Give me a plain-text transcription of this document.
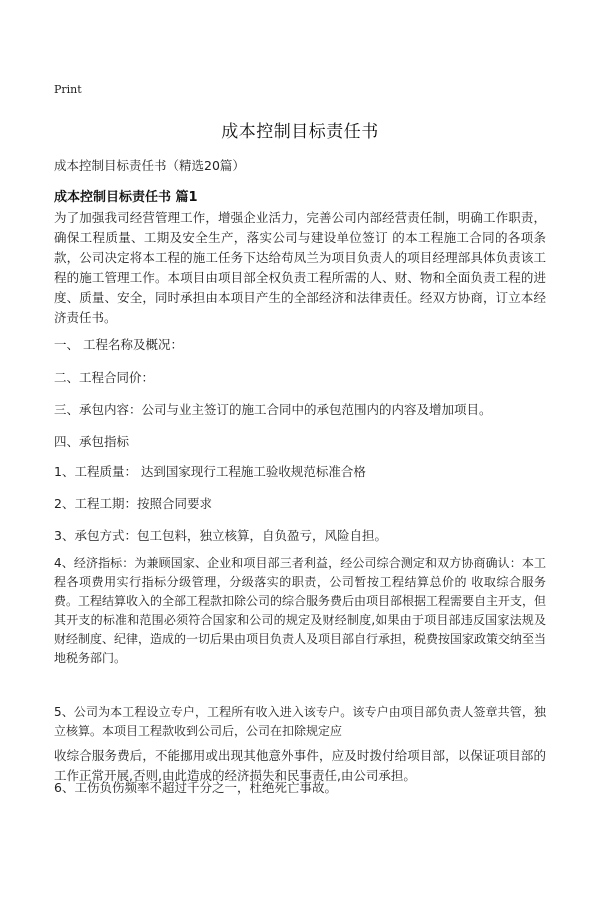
Print
成本控制目标责任书
成本控制目标责任书（精选20篇）
成本控制目标责任书 篇1
为了加强我司经营管理工作，增强企业活力，完善公司内部经营责任制，明确工作职责，确保工程质量、工期及安全生产，落实公司与建设单位签订 的本工程施工合同的各项条款，公司决定将本工程的施工任务下达给苟凤兰为项目负责人的项目经理部具体负责该工程的施工管理工作。本项目由项目部全权负责工程所需的人、财、物和全面负责工程的进度、质量、安全，同时承担由本项目产生的全部经济和法律责任。经双方协商，订立本经济责任书。
一、 工程名称及概况：
二、工程合同价：
三、承包内容：公司与业主签订的施工合同中的承包范围内的内容及增加项目。
四、承包指标
1、工程质量： 达到国家现行工程施工验收规范标准合格
2、工程工期：按照合同要求
3、承包方式：包工包料，独立核算，自负盈亏，风险自担。
4、经济指标：为兼顾国家、企业和项目部三者利益，经公司综合测定和双方协商确认：本工程各项费用实行指标分级管理，分级落实的职责，公司暂按工程结算总价的 收取综合服务费。工程结算收入的全部工程款扣除公司的综合服务费后由项目部根据工程需要自主开支，但其开支的标准和范围必须符合国家和公司的规定及财经制度,如果由于项目部违反国家法规及财经制度、纪律，造成的一切后果由项目负责人及项目部自行承担，税费按国家政策交纳至当地税务部门。
5、公司为本工程设立专户，工程所有收入进入该专户。该专户由项目部负责人签章共管，独立核算。本项目工程款收到公司后，公司在扣除规定应
收综合服务费后，不能挪用或出现其他意外事件，应及时拨付给项目部，以保证项目部的工作正常开展,否则,由此造成的经济损失和民事责任,由公司承担。
6、工伤负伤频率不超过千分之一，杜绝死亡事故。
